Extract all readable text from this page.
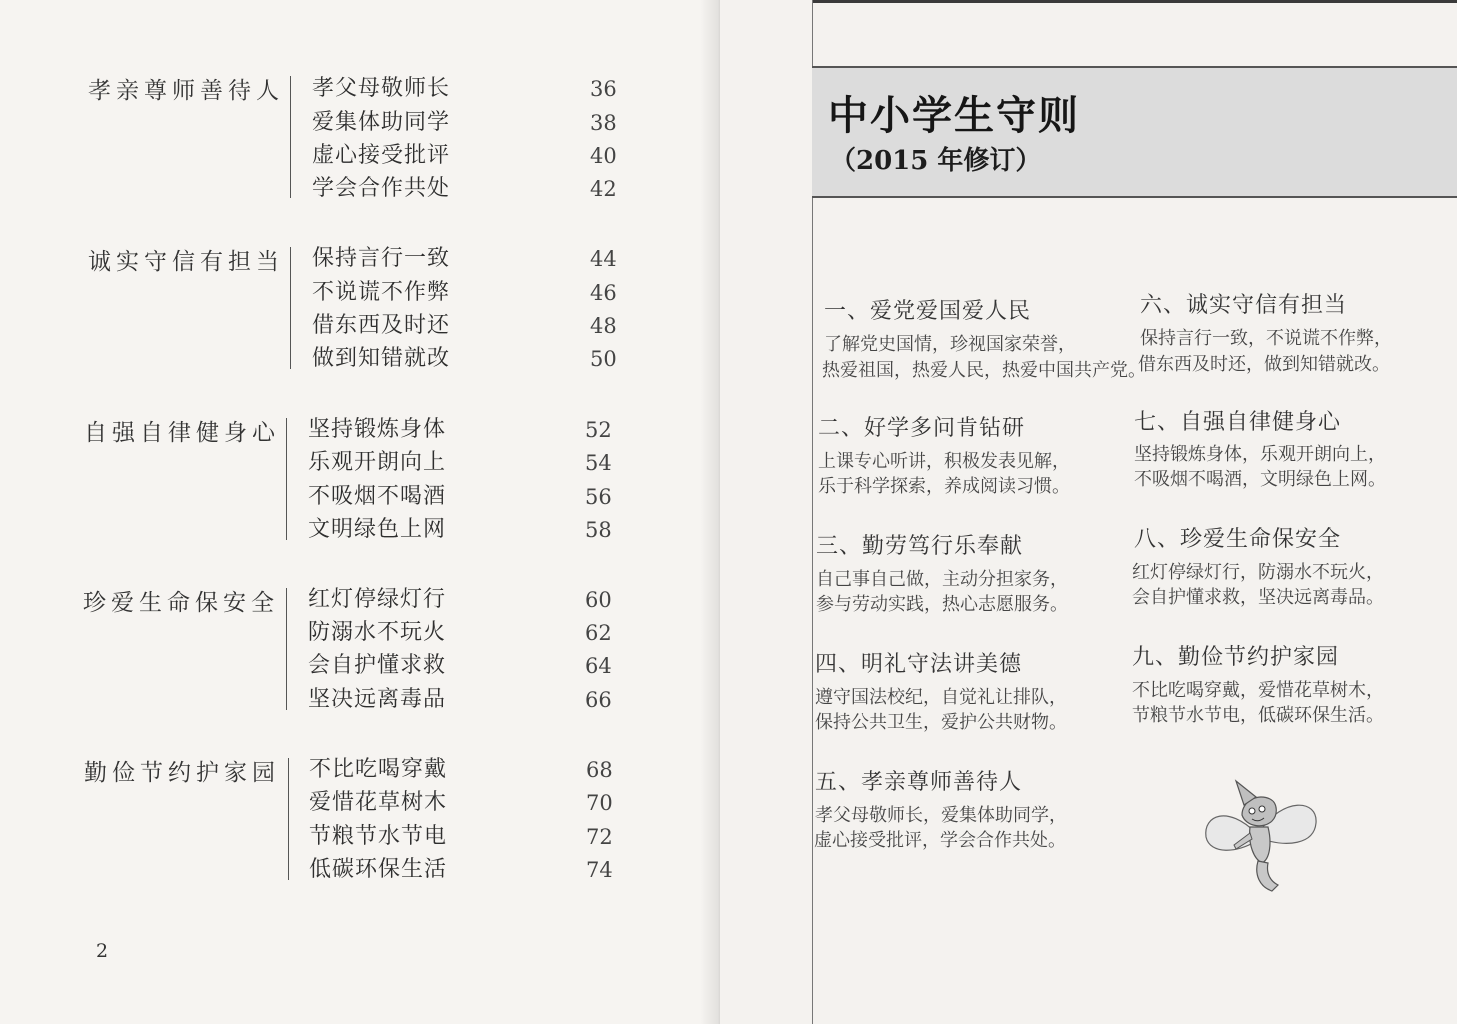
孝亲尊师善待人 孝父母敬师长	36
爱集体助同学	38
虚心接受批评	40
学会合作共处	42
诚实守信有担当 保持言行一致	44
不说谎不作弊	46
借东西及时还	48
做到知错就改	50
自强自律健身心 坚持锻炼身体	52
乐观开朗向上	54
不吸烟不喝酒	56
文明绿色上网	58
珍爱生命保安全 红灯停绿灯行	60
防溺水不玩火	62
会自护懂求救	64
坚决远离毒品	66
勤俭节约护家园 不比吃喝穿戴	68
爱惜花草树木	70
节粮节水节电	72
低碳环保生活	74
2
中小学生守则
（2015 年修订）
一、爱党爱国爱人民
了解党史国情，珍视国家荣誉，
热爱祖国，热爱人民，热爱中国共产党。
二、好学多问肯钻研
上课专心听讲，积极发表见解，
乐于科学探索，养成阅读习惯。
三、勤劳笃行乐奉献
自己事自己做，主动分担家务，
参与劳动实践，热心志愿服务。
四、明礼守法讲美德
遵守国法校纪，自觉礼让排队，
保持公共卫生，爱护公共财物。
五、孝亲尊师善待人
孝父母敬师长，爱集体助同学，
虚心接受批评，学会合作共处。
六、诚实守信有担当
保持言行一致，不说谎不作弊，
借东西及时还，做到知错就改。
七、自强自律健身心
坚持锻炼身体，乐观开朗向上，
不吸烟不喝酒，文明绿色上网。
八、珍爱生命保安全
红灯停绿灯行，防溺水不玩火，
会自护懂求救，坚决远离毒品。
九、勤俭节约护家园
不比吃喝穿戴，爱惜花草树木，
节粮节水节电，低碳环保生活。
